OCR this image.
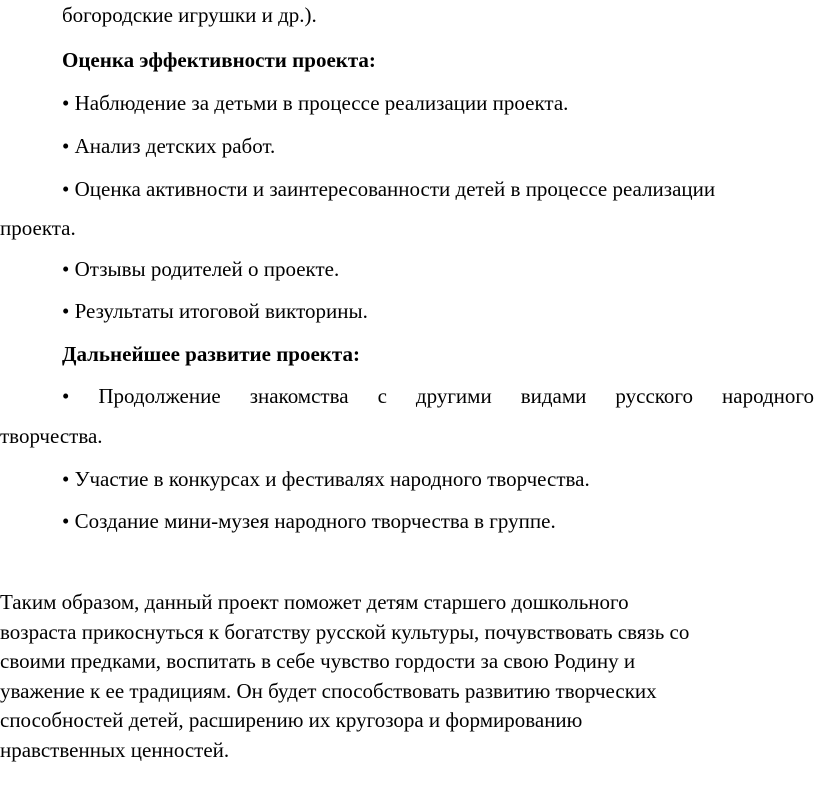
богородские игрушки и др.).
Оценка эффективности проекта:
• Наблюдение за детьми в процессе реализации проекта.
• Анализ детских работ.
• Оценка активности и заинтересованности детей в процессе реализации
проекта.
• Отзывы родителей о проекте.
• Результаты итоговой викторины.
Дальнейшее развитие проекта:
• Продолжение знакомства с другими видами русского народного
творчества.
• Участие в конкурсах и фестивалях народного творчества.
• Создание мини-музея народного творчества в группе.
Таким образом, данный проект поможет детям старшего дошкольного
возраста прикоснуться к богатству русской культуры, почувствовать связь со
своими предками, воспитать в себе чувство гордости за свою Родину и
уважение к ее традициям. Он будет способствовать развитию творческих
способностей детей, расширению их кругозора и формированию
нравственных ценностей.
